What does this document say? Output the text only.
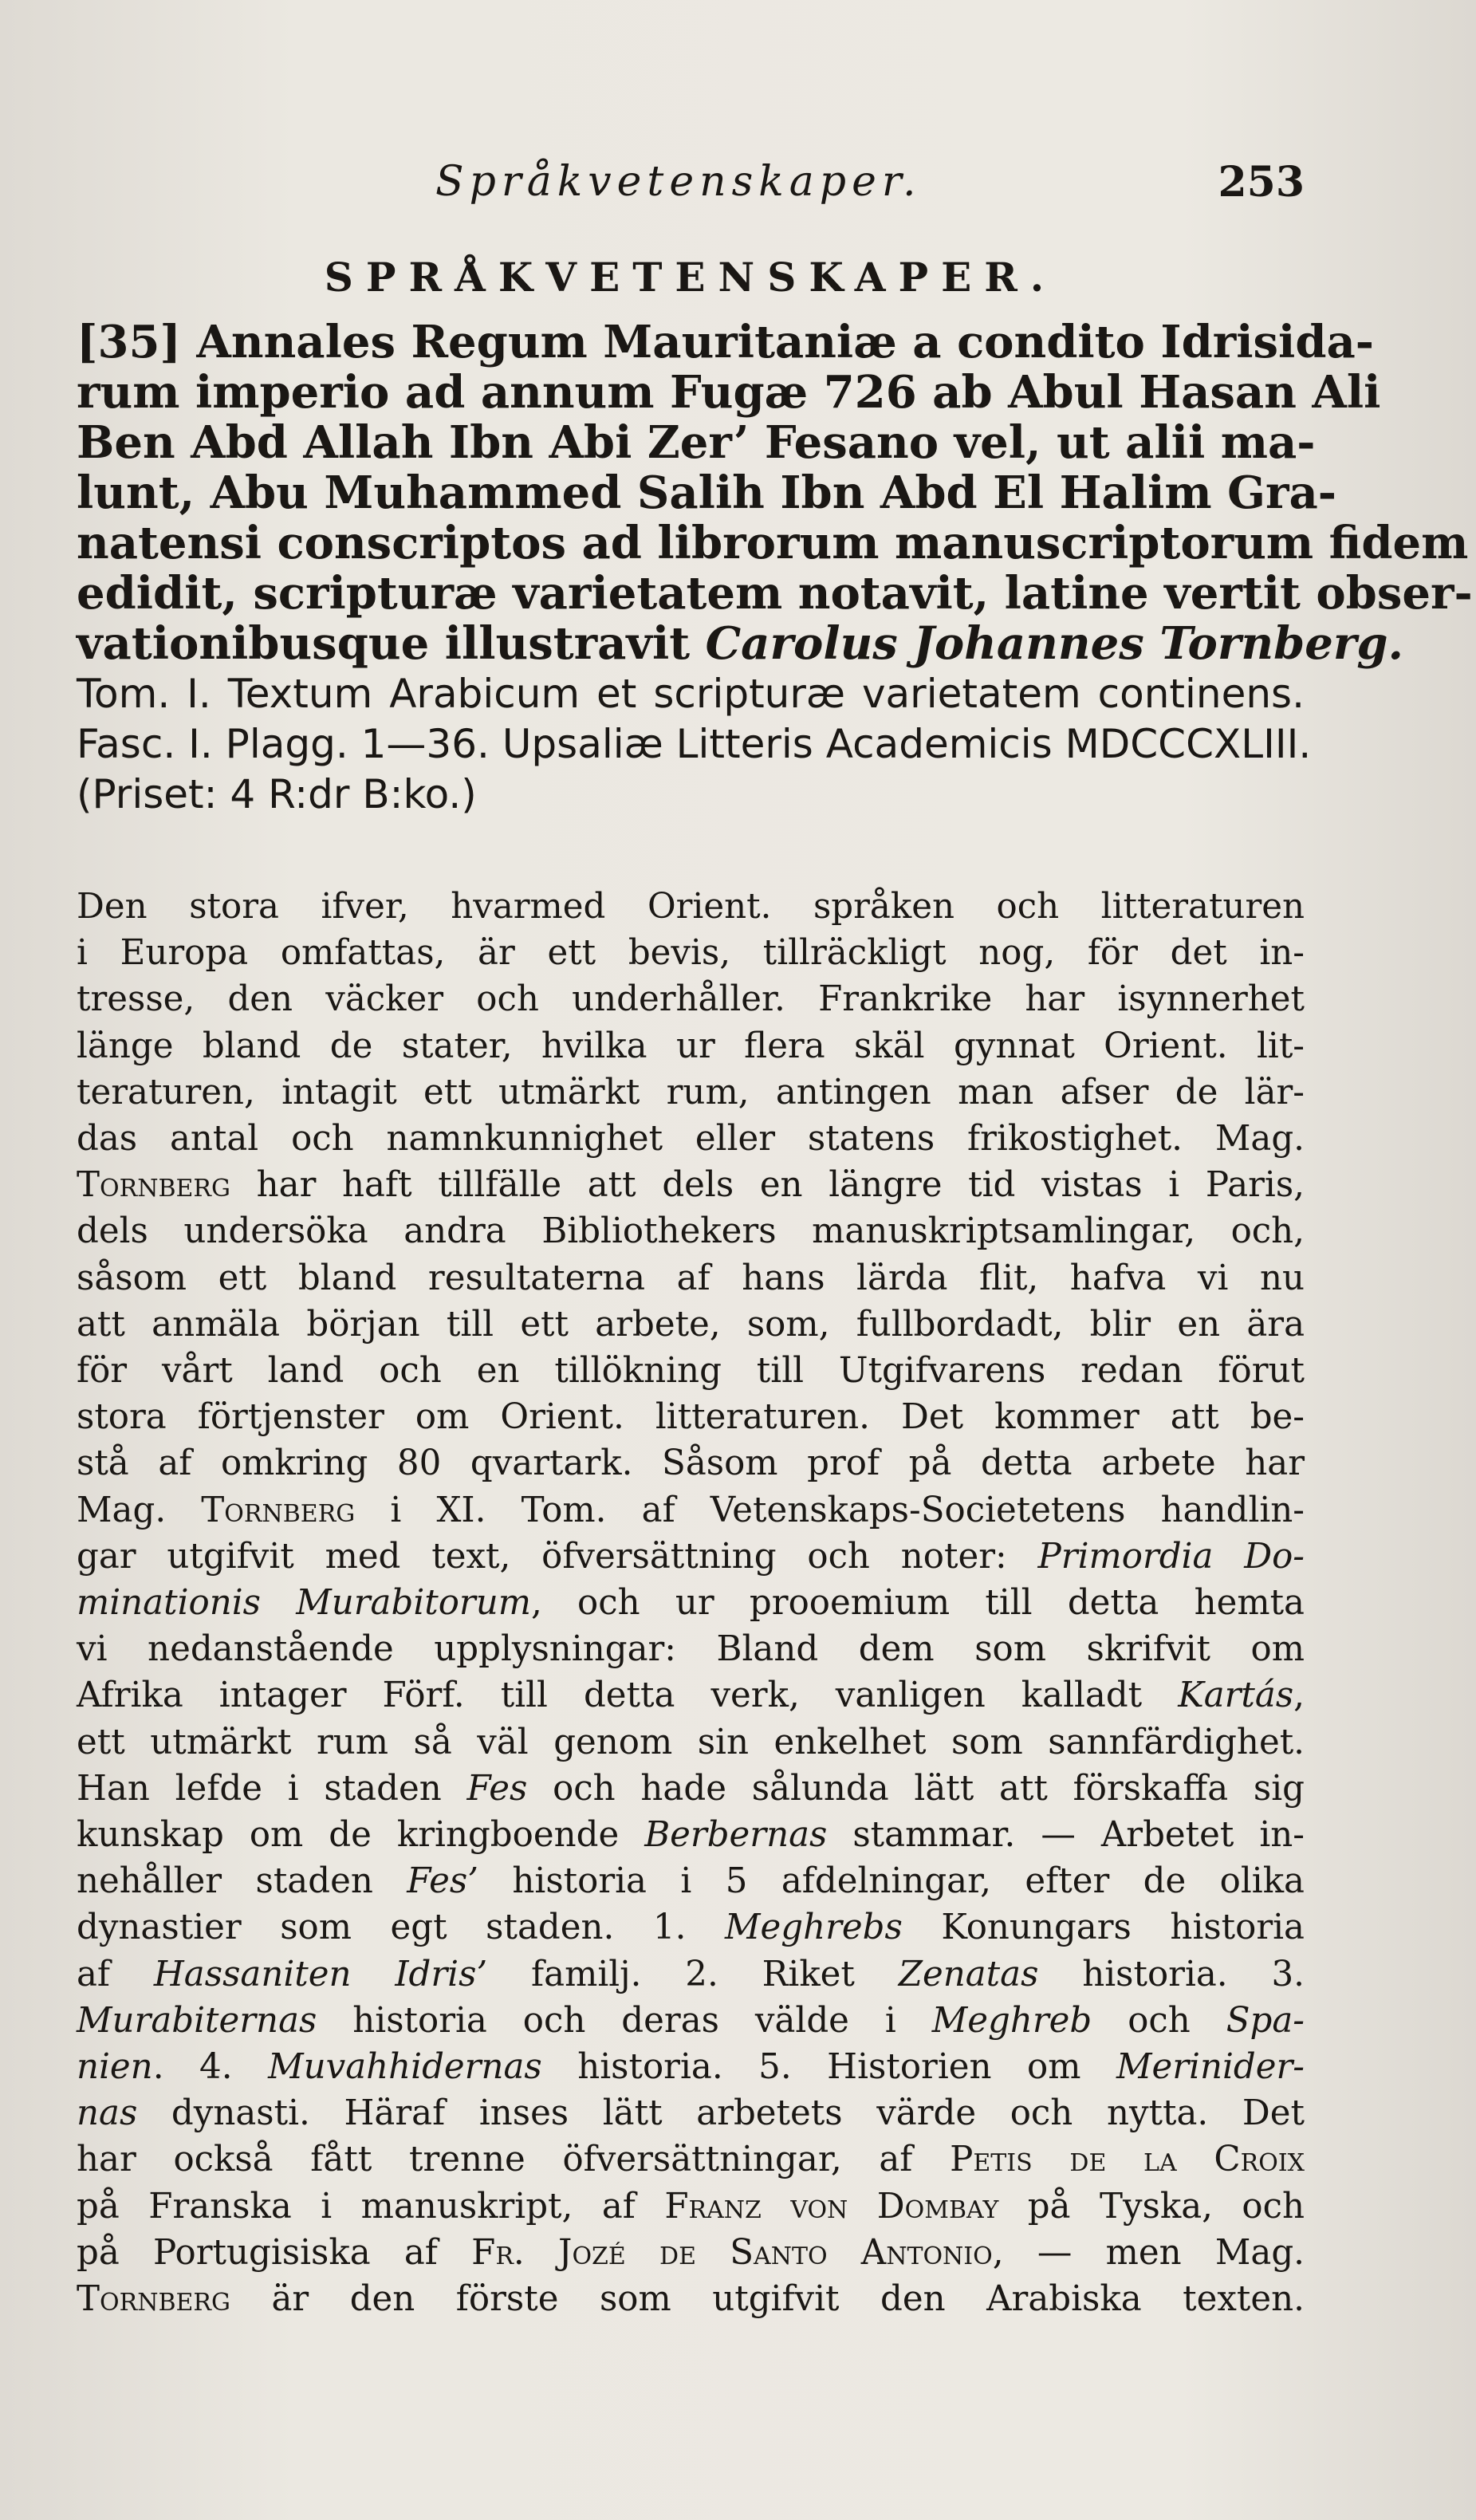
Språkvetenskaper.	253
SPRÅKVETENSKAPER.
[35] Annales Regum Mauritaniæ a condito Idrisida-
rum imperio ad annum Fugæ 726 ab Abul Hasan Ali
Ben Abd Allah Ibn Abi Zer’ Fesano vel, ut alii ma-
lunt, Abu Muhammed Salih Ibn Abd El Halim Gra-
natensi conscriptos ad librorum manuscriptorum fidem
edidit, scripturæ varietatem notavit, latine vertit obser-
vationibusque illustravit Carolus Johannes Tornberg.
Tom. I. Textum Arabicum et scripturæ varietatem continens.
Fasc. I. Plagg. 1—36. Upsaliæ Litteris Academicis MDCCCXLIII.
(Priset: 4 R:dr B:ko.)
Den stora ifver, hvarmed Orient. språken och litteraturen
i Europa omfattas, är ett bevis, tillräckligt nog, för det in-
tresse, den väcker och underhåller. Frankrike har isynnerhet
länge bland de stater, hvilka ur flera skäl gynnat Orient. lit-
teraturen, intagit ett utmärkt rum, antingen man afser de lär-
das antal och namnkunnighet eller statens frikostighet. Mag.
Tornberg har haft tillfälle att dels en längre tid vistas i Paris,
dels undersöka andra Bibliothekers manuskriptsamlingar, och,
såsom ett bland resultaterna af hans lärda flit, hafva vi nu
att anmäla början till ett arbete, som, fullbordadt, blir en ära
för vårt land och en tillökning till Utgifvarens redan förut
stora förtjenster om Orient. litteraturen. Det kommer att be-
stå af omkring 80 qvartark. Såsom prof på detta arbete har
Mag. Tornberg i XI. Tom. af Vetenskaps-Societetens handlin-
gar utgifvit med text, öfversättning och noter: Primordia Do-
minationis Murabitorum, och ur prooemium till detta hemta
vi nedanstående upplysningar: Bland dem som skrifvit om
Afrika intager Förf. till detta verk, vanligen kalladt Kartás,
ett utmärkt rum så väl genom sin enkelhet som sannfärdighet.
Han lefde i staden Fes och hade sålunda lätt att förskaffa sig
kunskap om de kringboende Berbernas stammar. — Arbetet in-
nehåller staden Fes’ historia i 5 afdelningar, efter de olika
dynastier som egt staden. 1. Meghrebs Konungars historia
af Hassaniten Idris’ familj. 2. Riket Zenatas historia. 3.
Murabiternas historia och deras välde i Meghreb och Spa-
nien. 4. Muvahhidernas historia. 5. Historien om Merinider-
nas dynasti. Häraf inses lätt arbetets värde och nytta. Det
har också fått trenne öfversättningar, af Petis de la Croix
på Franska i manuskript, af Franz von Dombay på Tyska, och
på Portugisiska af Fr. Jozé de Santo Antonio, — men Mag.
Tornberg är den förste som utgifvit den Arabiska texten.
